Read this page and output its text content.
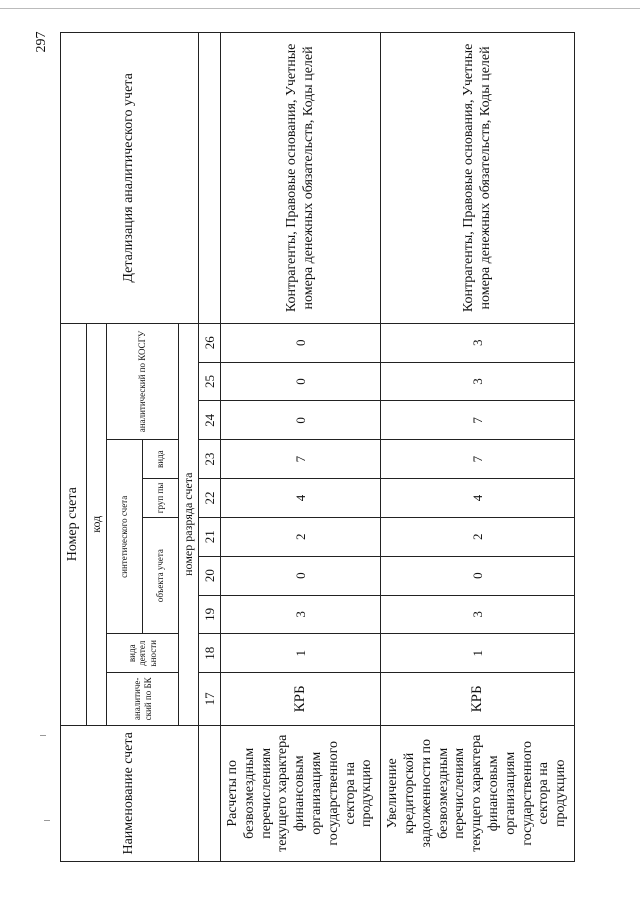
297
Наименование счета	Номер счета										Детализация аналитического учета
	код										
	аналитический по БК	вида деятел ьности	синтетического счета					аналитический по КОСГУ			
			объекта учета			груп пы	вида				
	номер разряда счета										
	17	18	19	20	21	22	23	24	25	26	
Расчеты по безвозмездным перечислениям текущего характера финансовым организациям государственного сектора на продукцию	КРБ	1	3	0	2	4	7	0	0	0	Контрагенты, Правовые основания, Учетные номера денежных обязательств, Коды целей
Увеличение кредиторской задолженности по безвозмездным перечислениям текущего характера финансовым организациям государственного сектора на продукцию	КРБ	1	3	0	2	4	7	7	3	3	Контрагенты, Правовые основания, Учетные номера денежных обязательств, Коды целей
